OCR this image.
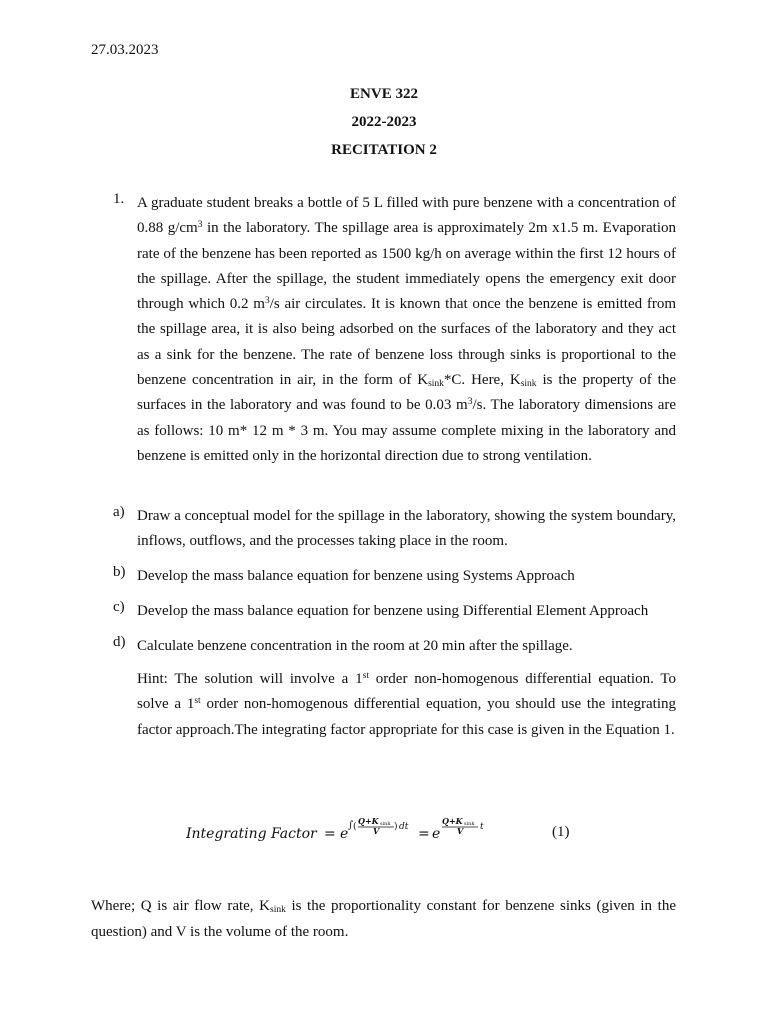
27.03.2023
ENVE 322
2022-2023
RECITATION 2
1. A graduate student breaks a bottle of 5 L filled with pure benzene with a concentration of 0.88 $g/cm^3$ in the laboratory. The spillage area is approximately 2m x1.5 m. Evaporation rate of the benzene has been reported as 1500 kg/h on average within the first 12 hours of the spillage. After the spillage, the student immediately opens the emergency exit door through which 0.2 $m^3/s$ air circulates. It is known that once the benzene is emitted from the spillage area, it is also being adsorbed on the surfaces of the laboratory and they act as a sink for the benzene. The rate of benzene loss through sinks is proportional to the benzene concentration in air, in the form of $K_{sink}*C$. Here, $K_{sink}$ is the property of the surfaces in the laboratory and was found to be 0.03 $m^3/s$. The laboratory dimensions are as follows: 10 m* 12 m * 3 m. You may assume complete mixing in the laboratory and benzene is emitted only in the horizontal direction due to strong ventilation.
a) Draw a conceptual model for the spillage in the laboratory, showing the system boundary, inflows, outflows, and the processes taking place in the room.
b) Develop the mass balance equation for benzene using Systems Approach
c) Develop the mass balance equation for benzene using Differential Element Approach
d) Calculate benzene concentration in the room at 20 min after the spillage.
Hint: The solution will involve a 1st order non-homogenous differential equation. To solve a 1st order non-homogenous differential equation, you should use the integrating factor approach.The integrating factor appropriate for this case is given in the Equation 1.
Integrating Factor = e
∫ (
Q+K sink
V ) dt = e
Q+K sink
V t	(1)
Where; Q is air flow rate, $K_{sink}$ is the proportionality constant for benzene sinks (given in the question) and V is the volume of the room.
